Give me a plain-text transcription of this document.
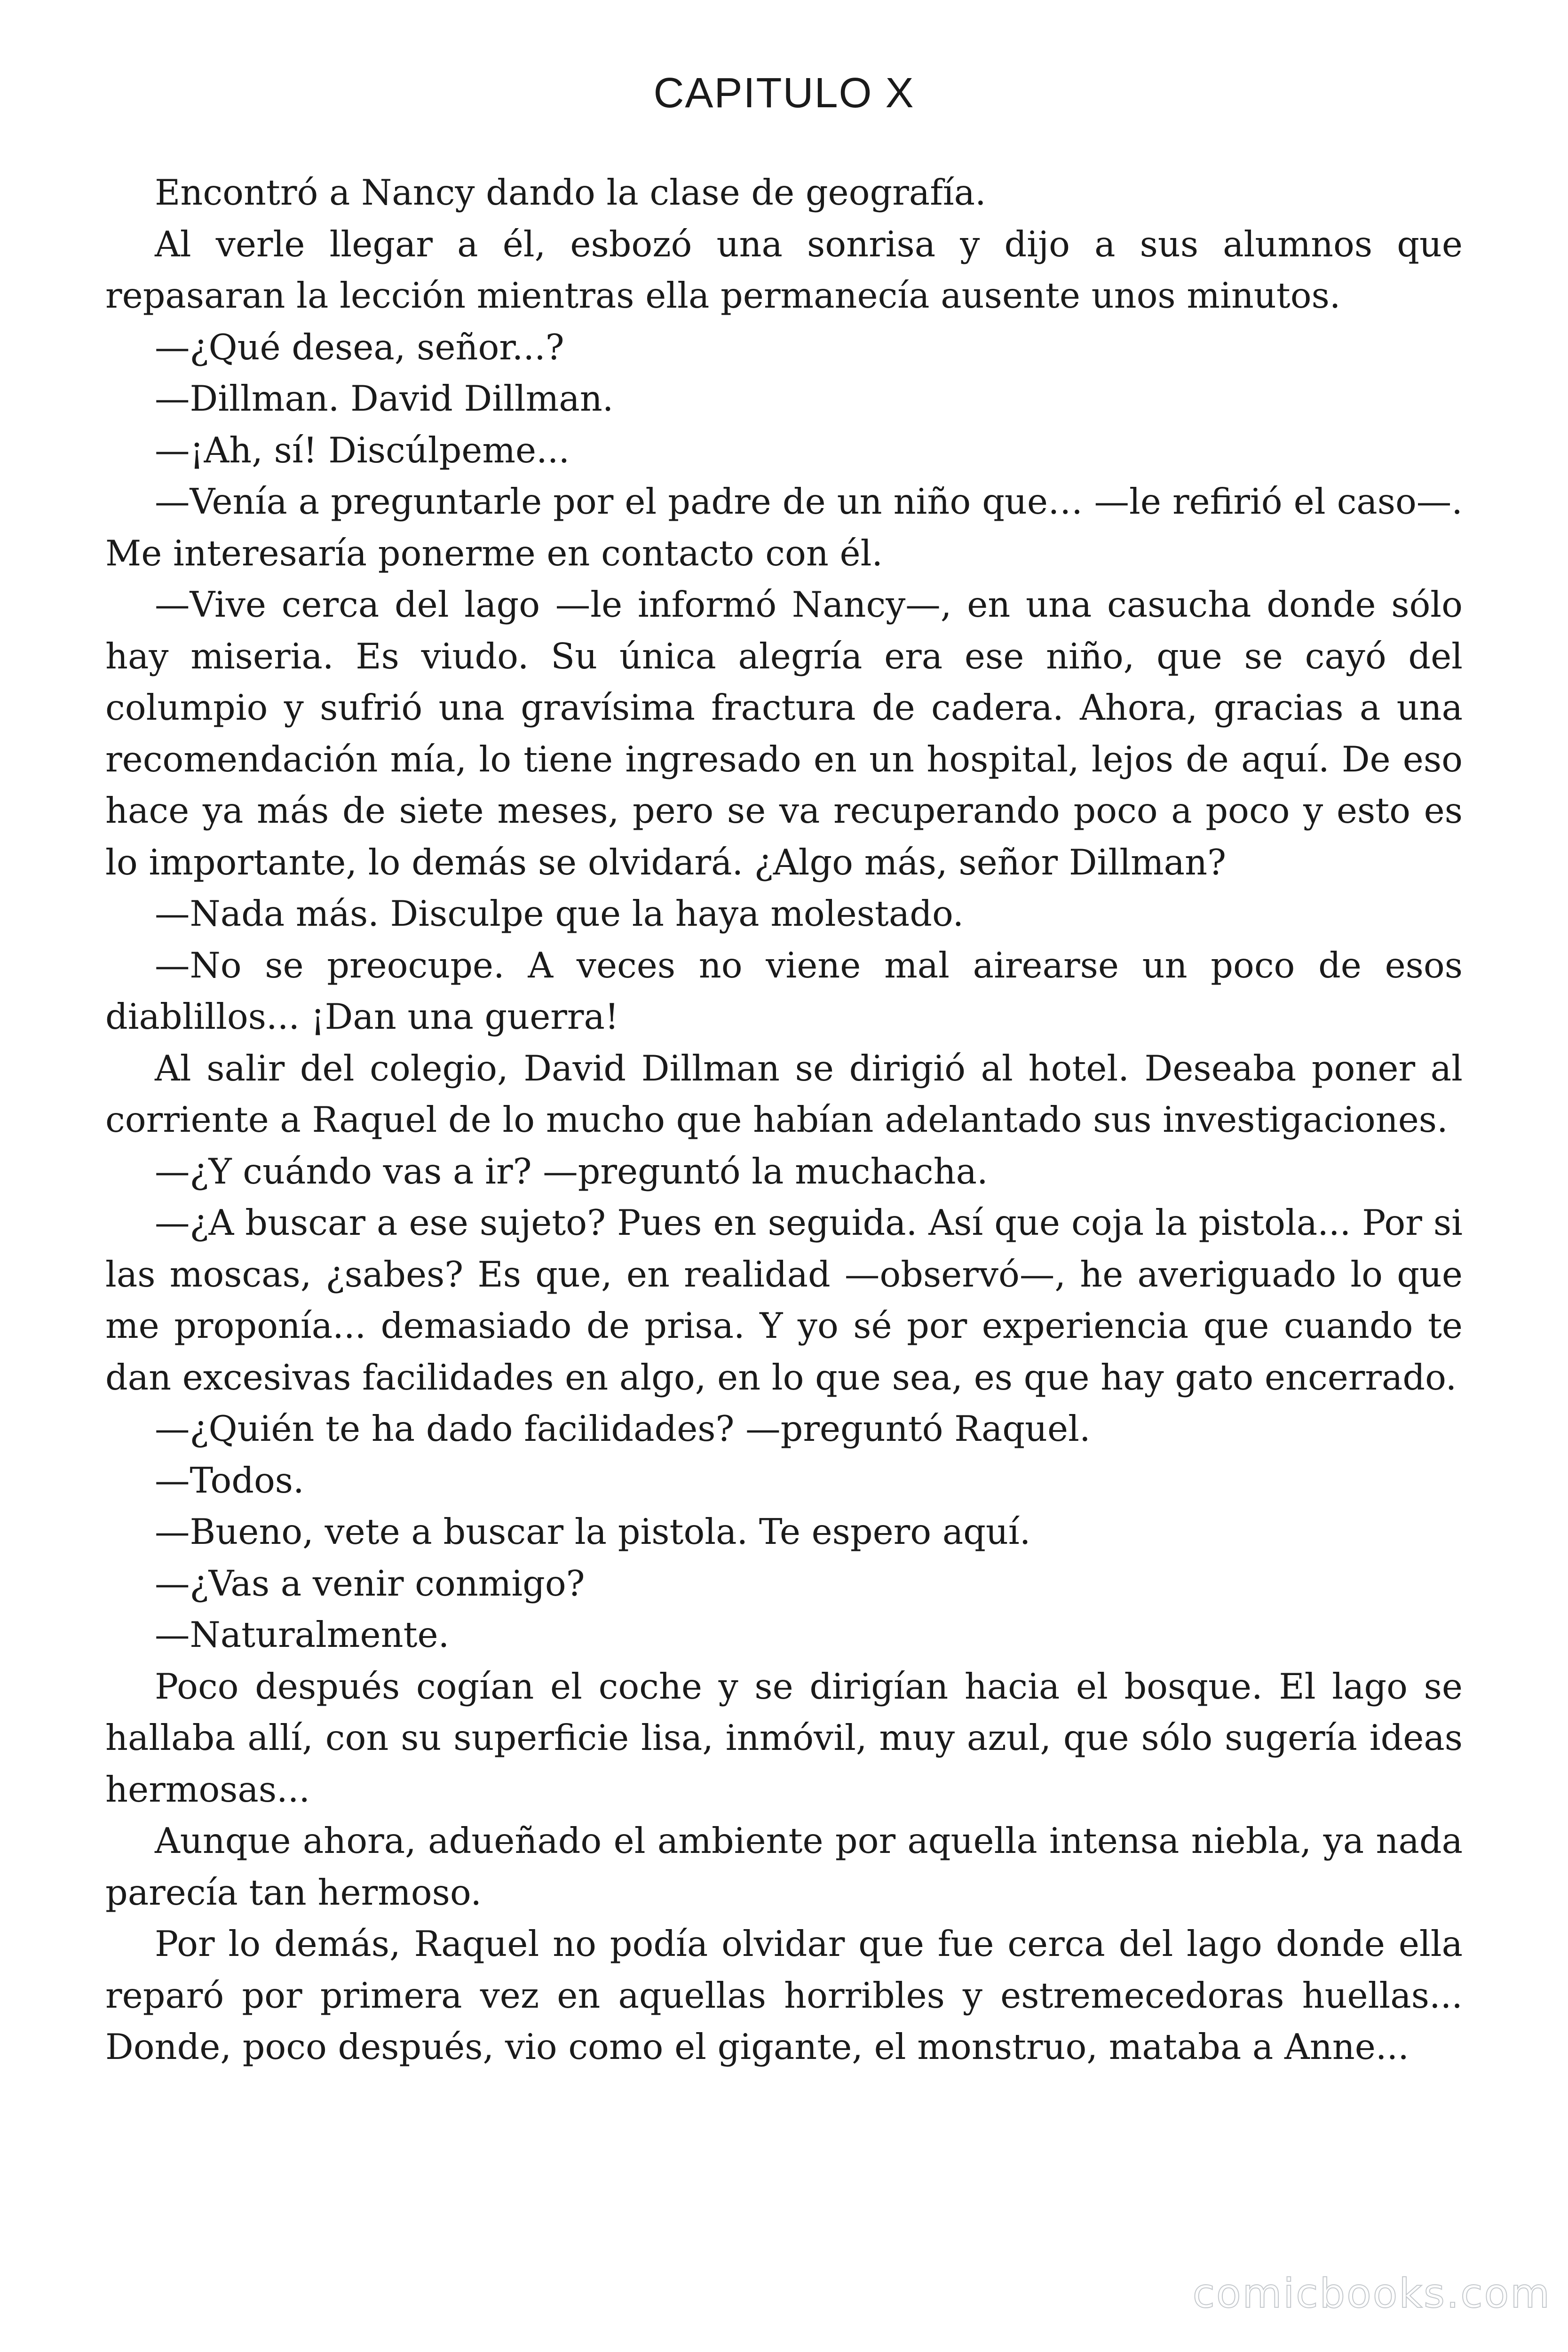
CAPITULO X

Encontró a Nancy dando la clase de geografía.

Al verle llegar a él, esbozó una sonrisa y dijo a sus alumnos que repasaran la lección mientras ella permanecía ausente unos minutos.

—¿Qué desea, señor...?

—Dillman. David Dillman.

—¡Ah, sí! Discúlpeme...

—Venía a preguntarle por el padre de un niño que… —le refirió el caso—. Me interesaría ponerme en contacto con él.

—Vive cerca del lago —le informó Nancy—, en una casucha donde sólo hay miseria. Es viudo. Su única alegría era ese niño, que se cayó del columpio y sufrió una gravísima fractura de cadera. Ahora, gracias a una recomendación mía, lo tiene ingresado en un hospital, lejos de aquí. De eso hace ya más de siete meses, pero se va recuperando poco a poco y esto es lo importante, lo demás se olvidará. ¿Algo más, señor Dillman?

—Nada más. Disculpe que la haya molestado.

—No se preocupe. A veces no viene mal airearse un poco de esos diablillos... ¡Dan una guerra!

Al salir del colegio, David Dillman se dirigió al hotel. Deseaba poner al corriente a Raquel de lo mucho que habían adelantado sus investigaciones.

—¿Y cuándo vas a ir? —preguntó la muchacha.

—¿A buscar a ese sujeto? Pues en seguida. Así que coja la pistola... Por si las moscas, ¿sabes? Es que, en realidad —observó—, he averiguado lo que me proponía... demasiado de prisa. Y yo sé por experiencia que cuando te dan excesivas facilidades en algo, en lo que sea, es que hay gato encerrado.

—¿Quién te ha dado facilidades? —preguntó Raquel.

—Todos.

—Bueno, vete a buscar la pistola. Te espero aquí.

—¿Vas a venir conmigo?

—Naturalmente.

Poco después cogían el coche y se dirigían hacia el bosque. El lago se hallaba allí, con su superficie lisa, inmóvil, muy azul, que sólo sugería ideas hermosas...

Aunque ahora, adueñado el ambiente por aquella intensa niebla, ya nada parecía tan hermoso.

Por lo demás, Raquel no podía olvidar que fue cerca del lago donde ella reparó por primera vez en aquellas horribles y estremecedoras huellas... Donde, poco después, vio como el gigante, el monstruo, mataba a Anne...

comicbooks.com
